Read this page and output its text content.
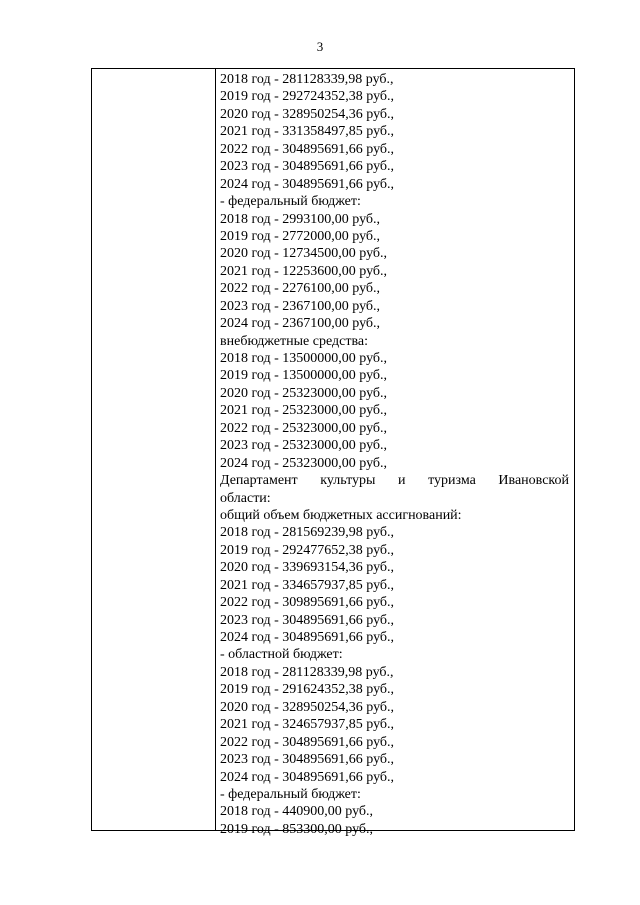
3
2018 год - 281128339,98 руб.,
2019 год - 292724352,38 руб.,
2020 год - 328950254,36 руб.,
2021 год - 331358497,85 руб.,
2022 год - 304895691,66 руб.,
2023 год - 304895691,66 руб.,
2024 год - 304895691,66 руб.,
- федеральный бюджет:
2018 год - 2993100,00 руб.,
2019 год - 2772000,00 руб.,
2020 год - 12734500,00 руб.,
2021 год - 12253600,00 руб.,
2022 год - 2276100,00 руб.,
2023 год - 2367100,00 руб.,
2024 год - 2367100,00 руб.,
внебюджетные средства:
2018 год - 13500000,00 руб.,
2019 год - 13500000,00 руб.,
2020 год - 25323000,00 руб.,
2021 год - 25323000,00 руб.,
2022 год - 25323000,00 руб.,
2023 год - 25323000,00 руб.,
2024 год - 25323000,00 руб.,
Департамент культуры и туризма Ивановской
области:
общий объем бюджетных ассигнований:
2018 год - 281569239,98 руб.,
2019 год - 292477652,38 руб.,
2020 год - 339693154,36 руб.,
2021 год - 334657937,85 руб.,
2022 год - 309895691,66 руб.,
2023 год - 304895691,66 руб.,
2024 год - 304895691,66 руб.,
- областной бюджет:
2018 год - 281128339,98 руб.,
2019 год - 291624352,38 руб.,
2020 год - 328950254,36 руб.,
2021 год - 324657937,85 руб.,
2022 год - 304895691,66 руб.,
2023 год - 304895691,66 руб.,
2024 год - 304895691,66 руб.,
- федеральный бюджет:
2018 год - 440900,00 руб.,
2019 год - 853300,00 руб.,
